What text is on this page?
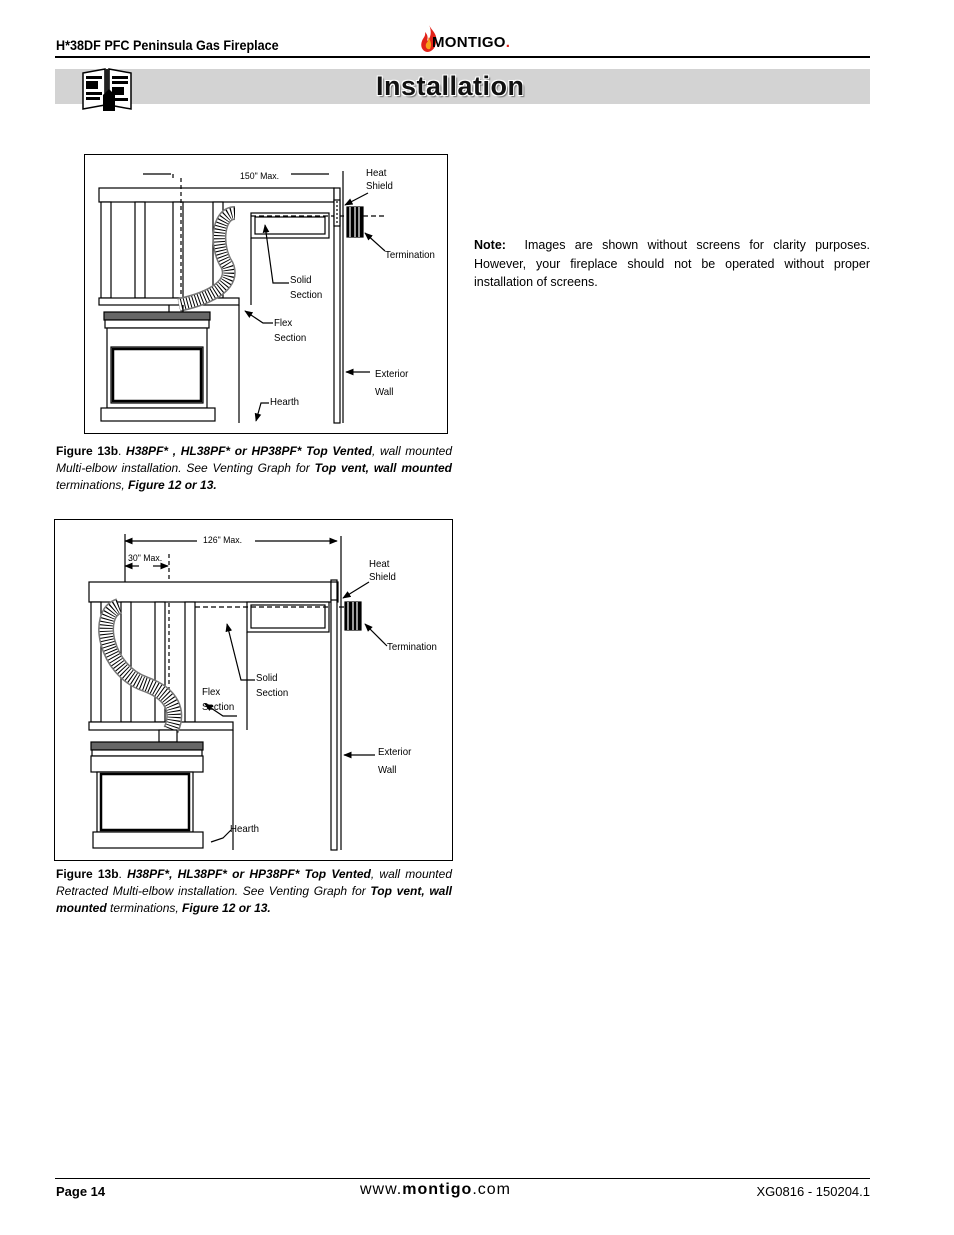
H*38DF PFC Peninsula Gas Fireplace	MONTIGO.
Installation
150" Max.	Heat
Shield
Termination
Solid
Section
Flex
Section
Exterior
Wall
Hearth
Figure 13b. H38PF* , HL38PF* or HP38PF* Top Vented, wall mounted Multi-elbow installation. See Venting Graph for Top vent, wall mounted terminations, Figure 12 or 13.
126" Max.
30" Max.	Heat
Shield
Termination
Solid
Section
Flex
Section
Exterior
Wall
Hearth
Figure 13b. H38PF*, HL38PF* or HP38PF* Top Vented, wall mounted Retracted Multi-elbow installation. See Venting Graph for Top vent, wall mounted terminations, Figure 12 or 13.
Note: Images are shown without screens for clarity purposes. However, your fireplace should not be operated without proper installation of screens.
Page 14	www.montigo.com	XG0816 - 150204.1
